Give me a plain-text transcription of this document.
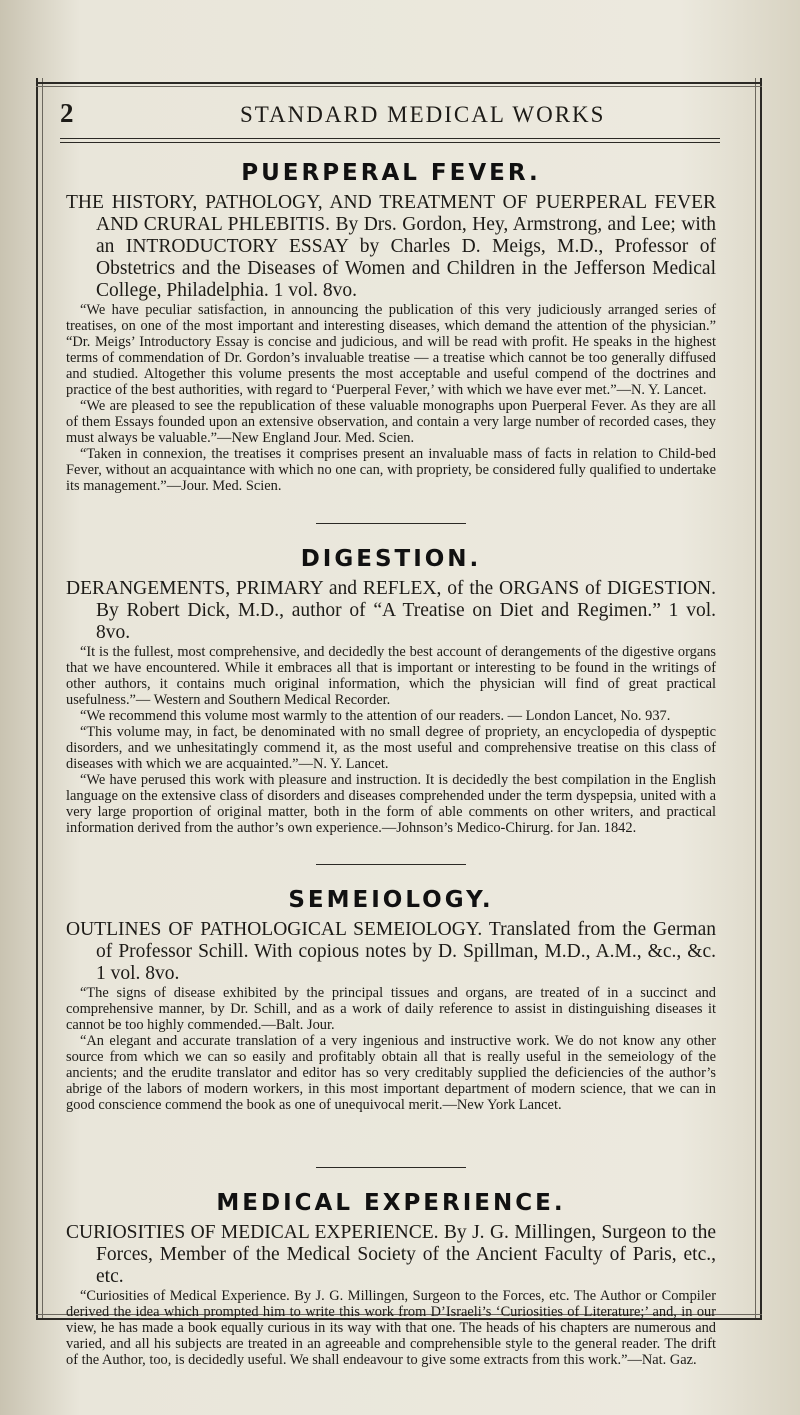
2	STANDARD MEDICAL WORKS
PUERPERAL FEVER.

THE HISTORY, PATHOLOGY, AND TREATMENT OF PUERPERAL FEVER AND CRURAL PHLEBITIS. By Drs. Gordon, Hey, Armstrong, and Lee; with an INTRODUCTORY ESSAY by Charles D. Meigs, M.D., Professor of Obstetrics and the Diseases of Women and Children in the Jefferson Medical College, Philadelphia. 1 vol. 8vo.

“We have peculiar satisfaction, in announcing the publication of this very judiciously arranged series of treatises, on one of the most important and interesting diseases, which demand the attention of the physician.” “Dr. Meigs’ Introductory Essay is concise and judicious, and will be read with profit. He speaks in the highest terms of commendation of Dr. Gordon’s invaluable treatise — a treatise which cannot be too generally diffused and studied. Altogether this volume presents the most acceptable and useful compend of the doctrines and practice of the best authorities, with regard to ‘Puerperal Fever,’ with which we have ever met.”—N. Y. Lancet.

“We are pleased to see the republication of these valuable monographs upon Puerperal Fever. As they are all of them Essays founded upon an extensive observation, and contain a very large number of recorded cases, they must always be valuable.”—New England Jour. Med. Scien.

“Taken in connexion, the treatises it comprises present an invaluable mass of facts in relation to Child-bed Fever, without an acquaintance with which no one can, with propriety, be considered fully qualified to undertake its management.”—Jour. Med. Scien.

DIGESTION.

DERANGEMENTS, PRIMARY and REFLEX, of the ORGANS of DIGESTION. By Robert Dick, M.D., author of “A Treatise on Diet and Regimen.” 1 vol. 8vo.

“It is the fullest, most comprehensive, and decidedly the best account of derangements of the digestive organs that we have encountered. While it embraces all that is important or interesting to be found in the writings of other authors, it contains much original information, which the physician will find of great practical usefulness.”— Western and Southern Medical Recorder.

“We recommend this volume most warmly to the attention of our readers. — London Lancet, No. 937.

“This volume may, in fact, be denominated with no small degree of propriety, an encyclopedia of dyspeptic disorders, and we unhesitatingly commend it, as the most useful and comprehensive treatise on this class of diseases with which we are acquainted.”—N. Y. Lancet.

“We have perused this work with pleasure and instruction. It is decidedly the best compilation in the English language on the extensive class of disorders and diseases comprehended under the term dyspepsia, united with a very large proportion of original matter, both in the form of able comments on other writers, and practical information derived from the author’s own experience.—Johnson’s Medico-Chirurg. for Jan. 1842.

SEMEIOLOGY.

OUTLINES OF PATHOLOGICAL SEMEIOLOGY. Translated from the German of Professor Schill. With copious notes by D. Spillman, M.D., A.M., &c., &c. 1 vol. 8vo.

“The signs of disease exhibited by the principal tissues and organs, are treated of in a succinct and comprehensive manner, by Dr. Schill, and as a work of daily reference to assist in distinguishing diseases it cannot be too highly commended.—Balt. Jour.

“An elegant and accurate translation of a very ingenious and instructive work. We do not know any other source from which we can so easily and profitably obtain all that is really useful in the semeiology of the ancients; and the erudite translator and editor has so very creditably supplied the deficiencies of the author’s abrige of the labors of modern workers, in this most important department of modern science, that we can in good conscience commend the book as one of unequivocal merit.—New York Lancet.

MEDICAL EXPERIENCE.

CURIOSITIES OF MEDICAL EXPERIENCE. By J. G. Millingen, Surgeon to the Forces, Member of the Medical Society of the Ancient Faculty of Paris, etc., etc.

“Curiosities of Medical Experience. By J. G. Millingen, Surgeon to the Forces, etc. The Author or Compiler derived the idea which prompted him to write this work from D’Israeli’s ‘Curiosities of Literature;’ and, in our view, he has made a book equally curious in its way with that one. The heads of his chapters are numerous and varied, and all his subjects are treated in an agreeable and comprehensible style to the general reader. The drift of the Author, too, is decidedly useful. We shall endeavour to give some extracts from this work.”—Nat. Gaz.
